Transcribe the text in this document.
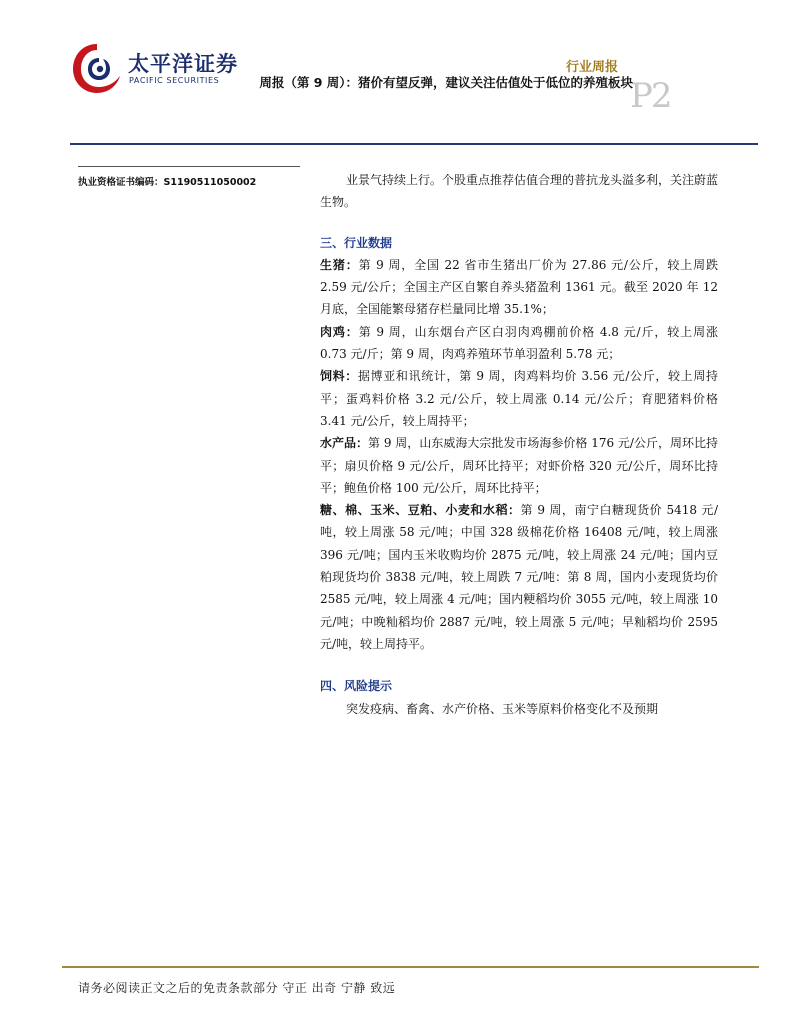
太平洋证券
PACIFIC SECURITIES
行业周报
P2
周报（第 9 周）：猪价有望反弹，建议关注估值处于低位的养殖板块
执业资格证书编码：S1190511050002	业景气持续上行。个股重点推荐估值合理的普抗龙头溢多利，关注蔚蓝生物。

三、行业数据

生猪：第 9 周，全国 22 省市生猪出厂价为 27.86 元/公斤，较上周跌 2.59 元/公斤；全国主产区自繁自养头猪盈利 1361 元。截至 2020 年 12 月底，全国能繁母猪存栏量同比增 35.1%；

肉鸡：第 9 周，山东烟台产区白羽肉鸡棚前价格 4.8 元/斤，较上周涨 0.73 元/斤；第 9 周，肉鸡养殖环节单羽盈利 5.78 元；

饲料：据博亚和讯统计，第 9 周，肉鸡料均价 3.56 元/公斤，较上周持平；蛋鸡料价格 3.2 元/公斤，较上周涨 0.14 元/公斤；育肥猪料价格 3.41 元/公斤，较上周持平；

水产品：第 9 周，山东威海大宗批发市场海参价格 176 元/公斤，周环比持平；扇贝价格 9 元/公斤，周环比持平；对虾价格 320 元/公斤，周环比持平；鲍鱼价格 100 元/公斤，周环比持平；

糖、棉、玉米、豆粕、小麦和水稻：第 9 周，南宁白糖现货价 5418 元/吨，较上周涨 58 元/吨；中国 328 级棉花价格 16408 元/吨，较上周涨 396 元/吨；国内玉米收购均价 2875 元/吨，较上周涨 24 元/吨；国内豆粕现货均价 3838 元/吨，较上周跌 7 元/吨：第 8 周，国内小麦现货均价 2585 元/吨，较上周涨 4 元/吨；国内粳稻均价 3055 元/吨，较上周涨 10 元/吨；中晚籼稻均价 2887 元/吨，较上周涨 5 元/吨；早籼稻均价 2595 元/吨，较上周持平。

四、风险提示

突发疫病、畜禽、水产价格、玉米等原料价格变化不及预期

请务必阅读正文之后的免责条款部分 守正 出奇 宁静 致远
